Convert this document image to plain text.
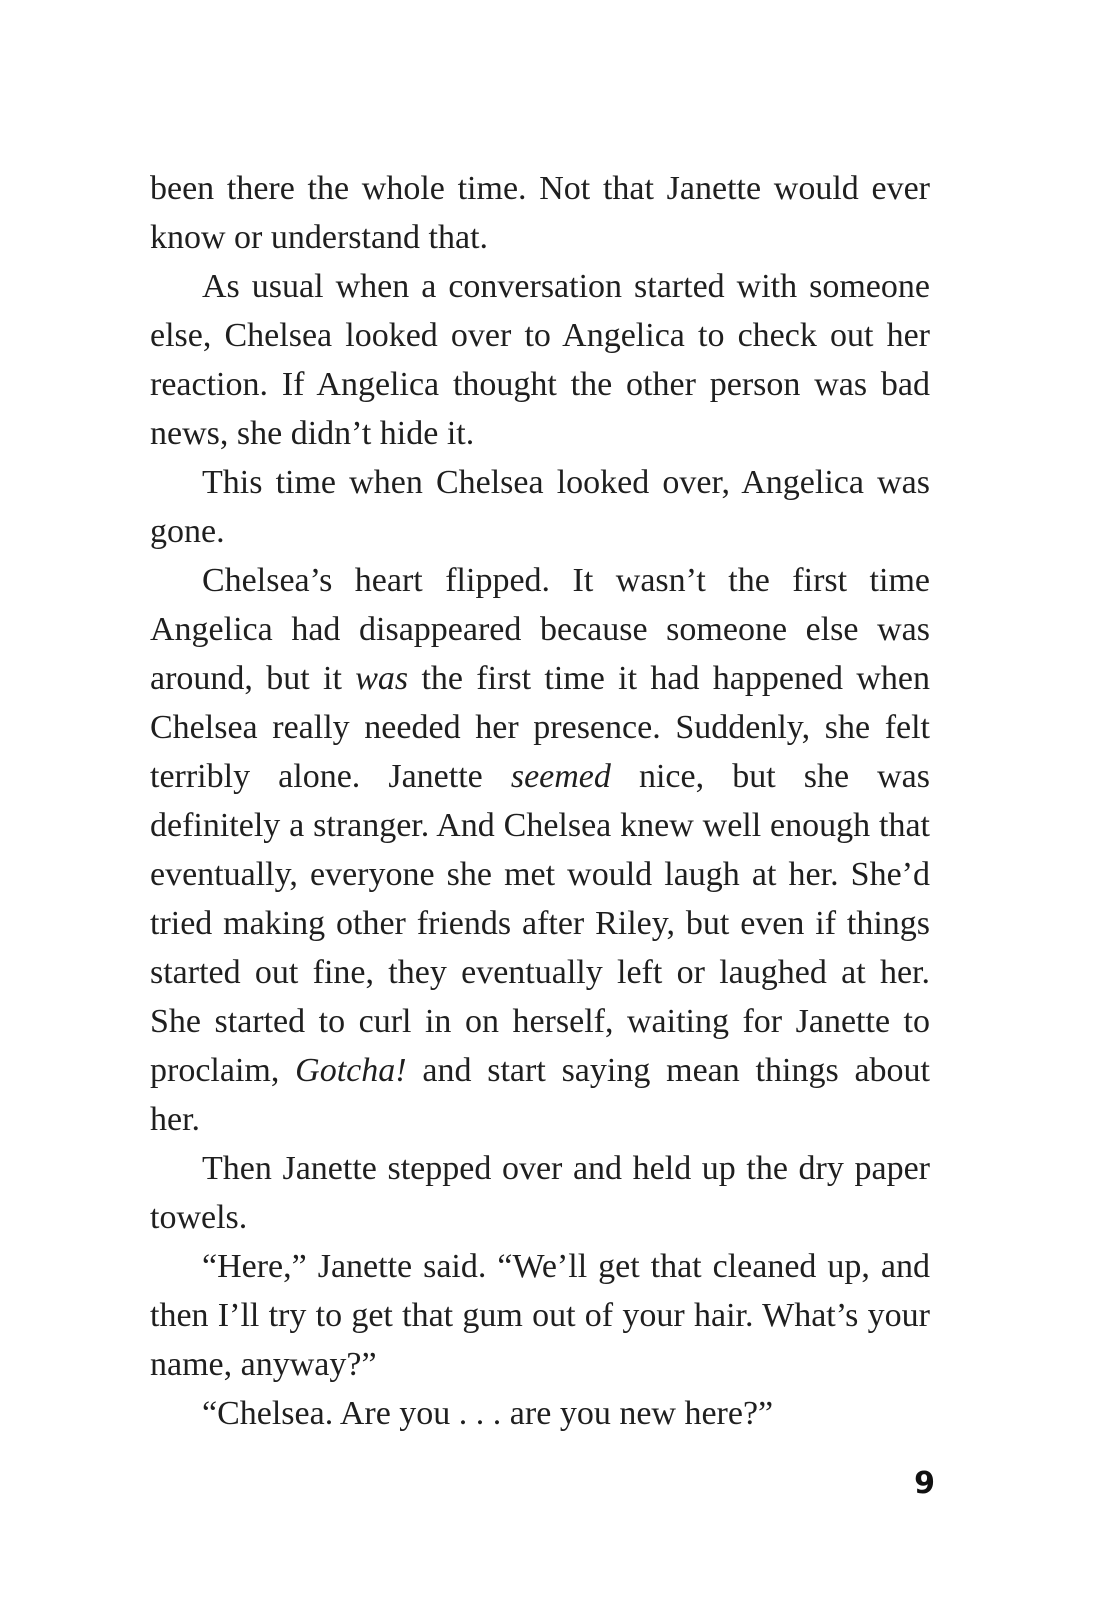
been there the whole time. Not that Janette would ever know or understand that.

As usual when a conversation started with someone else, Chelsea looked over to Angelica to check out her reaction. If Angelica thought the other person was bad news, she didn’t hide it.

This time when Chelsea looked over, Angelica was gone.

Chelsea’s heart flipped. It wasn’t the first time Angelica had disappeared because someone else was around, but it was the first time it had happened when Chelsea really needed her presence. Suddenly, she felt terribly alone. Janette seemed nice, but she was definitely a stranger. And Chelsea knew well enough that eventually, everyone she met would laugh at her. She’d tried making other friends after Riley, but even if things started out fine, they eventually left or laughed at her. She started to curl in on herself, waiting for Janette to proclaim, Gotcha! and start saying mean things about her.

Then Janette stepped over and held up the dry paper towels.

“Here,” Janette said. “We’ll get that cleaned up, and then I’ll try to get that gum out of your hair. What’s your name, anyway?”

“Chelsea. Are you . . . are you new here?”

9
